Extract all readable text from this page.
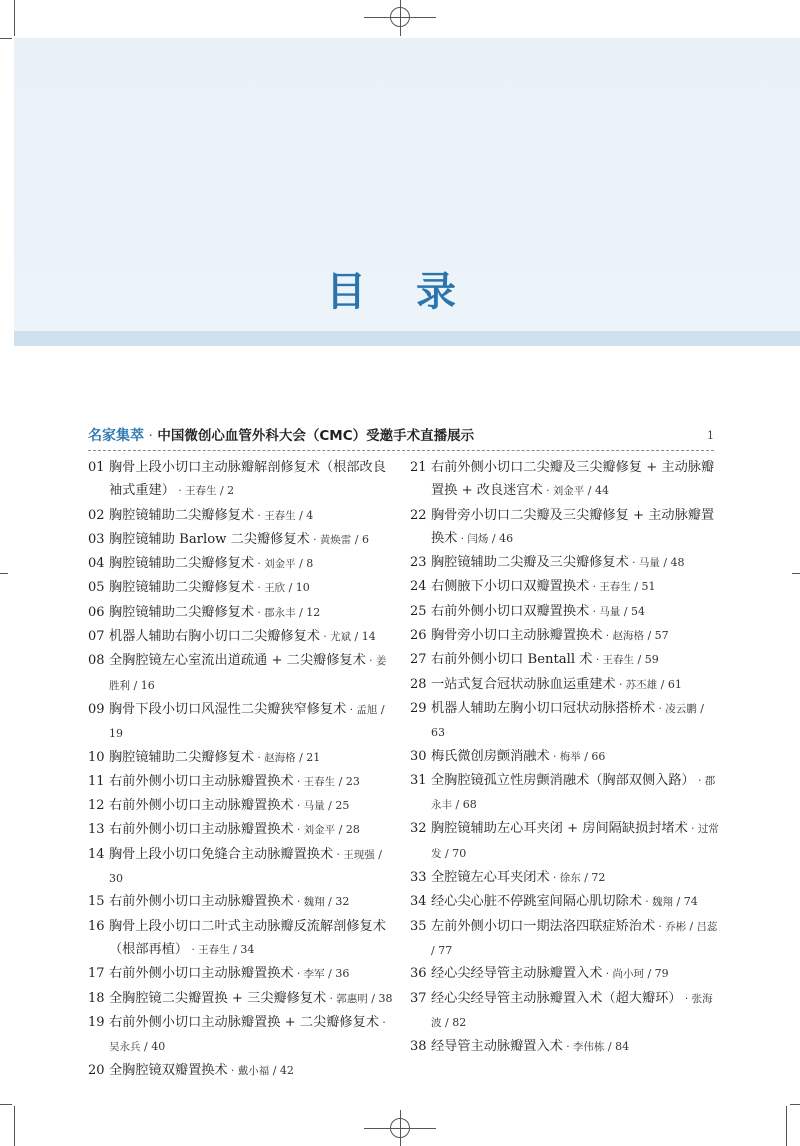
目 录
名家集萃 · 中国微创心血管外科大会（CMC）受邀手术直播展示	1
01 胸骨上段小切口主动脉瓣解剖修复术（根部改良袖式重建） · 王春生 / 2
02 胸腔镜辅助二尖瓣修复术 · 王春生 / 4
03 胸腔镜辅助 Barlow 二尖瓣修复术 · 黄焕雷 / 6
04 胸腔镜辅助二尖瓣修复术 · 刘金平 / 8
05 胸腔镜辅助二尖瓣修复术 · 王欣 / 10
06 胸腔镜辅助二尖瓣修复术 · 郡永丰 / 12
07 机器人辅助右胸小切口二尖瓣修复术 · 尤斌 / 14
08 全胸腔镜左心室流出道疏通 + 二尖瓣修复术 · 姜胜利 / 16
09 胸骨下段小切口风湿性二尖瓣狭窄修复术 · 孟旭 / 19
10 胸腔镜辅助二尖瓣修复术 · 赵海格 / 21
11 右前外侧小切口主动脉瓣置换术 · 王春生 / 23
12 右前外侧小切口主动脉瓣置换术 · 马量 / 25
13 右前外侧小切口主动脉瓣置换术 · 刘金平 / 28
14 胸骨上段小切口免缝合主动脉瓣置换术 · 王现强 / 30
15 右前外侧小切口主动脉瓣置换术 · 魏翔 / 32
16 胸骨上段小切口二叶式主动脉瓣反流解剖修复术（根部再植） · 王春生 / 34
17 右前外侧小切口主动脉瓣置换术 · 李军 / 36
18 全胸腔镜二尖瓣置换 + 三尖瓣修复术 · 郭惠明 / 38
19 右前外侧小切口主动脉瓣置换 + 二尖瓣修复术 · 吴永兵 / 40
20 全胸腔镜双瓣置换术 · 戴小福 / 42
21 右前外侧小切口二尖瓣及三尖瓣修复 + 主动脉瓣置换 + 改良迷宫术 · 刘金平 / 44
22 胸骨旁小切口二尖瓣及三尖瓣修复 + 主动脉瓣置换术 · 闫炀 / 46
23 胸腔镜辅助二尖瓣及三尖瓣修复术 · 马量 / 48
24 右侧腋下小切口双瓣置换术 · 王春生 / 51
25 右前外侧小切口双瓣置换术 · 马量 / 54
26 胸骨旁小切口主动脉瓣置换术 · 赵海格 / 57
27 右前外侧小切口 Bentall 术 · 王春生 / 59
28 一站式复合冠状动脉血运重建术 · 苏丕雄 / 61
29 机器人辅助左胸小切口冠状动脉搭桥术 · 凌云鹏 / 63
30 梅氏微创房颤消融术 · 梅举 / 66
31 全胸腔镜孤立性房颤消融术（胸部双侧入路） · 郡永丰 / 68
32 胸腔镜辅助左心耳夹闭 + 房间隔缺损封堵术 · 过常发 / 70
33 全腔镜左心耳夹闭术 · 徐东 / 72
34 经心尖心脏不停跳室间隔心肌切除术 · 魏翔 / 74
35 左前外侧小切口一期法洛四联症矫治术 · 乔彬 / 吕蕊 / 77
36 经心尖经导管主动脉瓣置入术 · 尚小珂 / 79
37 经心尖经导管主动脉瓣置入术（超大瓣环） · 张海波 / 82
38 经导管主动脉瓣置入术 · 李伟栋 / 84
